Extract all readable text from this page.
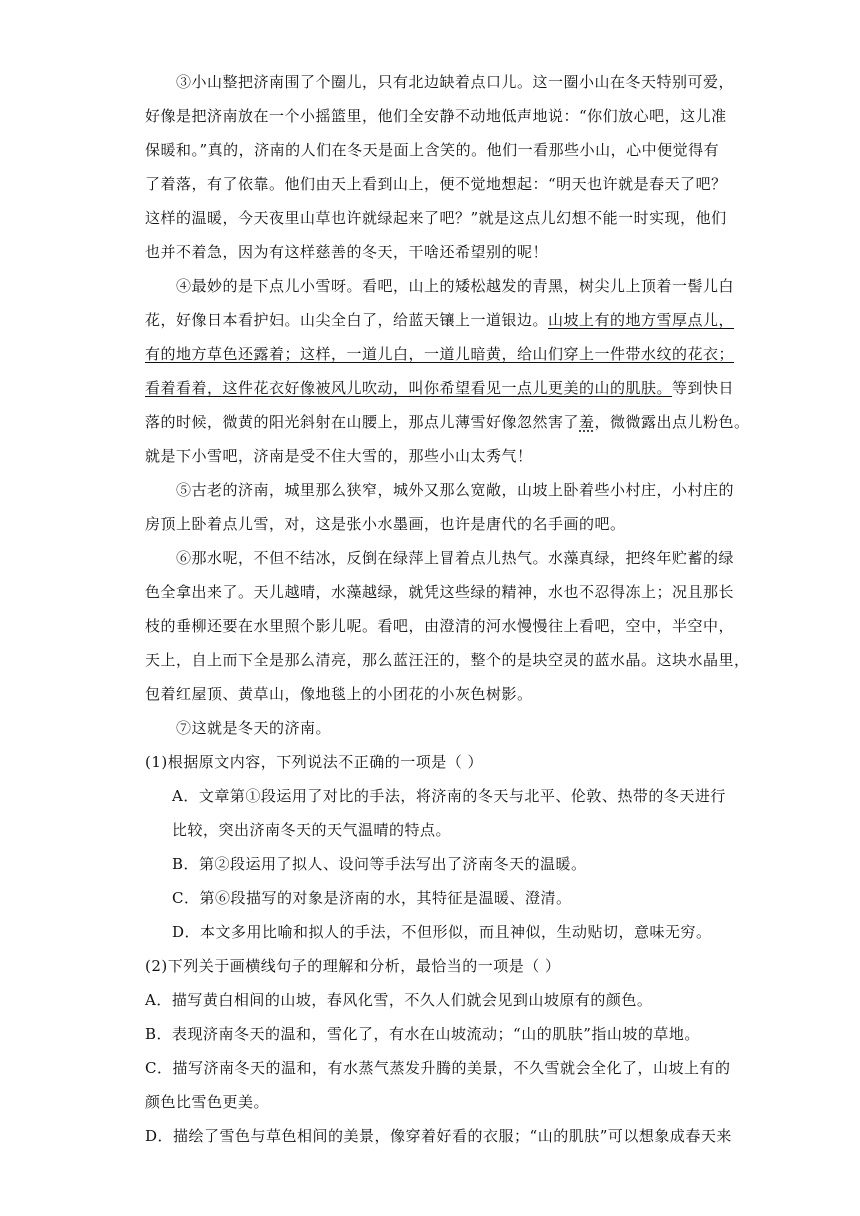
③小山整把济南围了个圈儿，只有北边缺着点口儿。这一圈小山在冬天特别可爱，
好像是把济南放在一个小摇篮里，他们全安静不动地低声地说：“你们放心吧，这儿准
保暖和。”真的，济南的人们在冬天是面上含笑的。他们一看那些小山，心中便觉得有
了着落，有了依靠。他们由天上看到山上，便不觉地想起：“明天也许就是春天了吧？
这样的温暖，今天夜里山草也许就绿起来了吧？”就是这点儿幻想不能一时实现，他们
也并不着急，因为有这样慈善的冬天，干啥还希望别的呢！
④最妙的是下点儿小雪呀。看吧，山上的矮松越发的青黑，树尖儿上顶着一髻儿白
花，好像日本看护妇。山尖全白了，给蓝天镶上一道银边。山坡上有的地方雪厚点儿，
有的地方草色还露着；这样，一道儿白，一道儿暗黄，给山们穿上一件带水纹的花衣；
看着看着，这件花衣好像被风儿吹动，叫你希望看见一点儿更美的山的肌肤。等到快日
落的时候，微黄的阳光斜射在山腰上，那点儿薄雪好像忽然害了羞，微微露出点儿粉色。
就是下小雪吧，济南是受不住大雪的，那些小山太秀气！
⑤古老的济南，城里那么狭窄，城外又那么宽敞，山坡上卧着些小村庄，小村庄的
房顶上卧着点儿雪，对，这是张小水墨画，也许是唐代的名手画的吧。
⑥那水呢，不但不结冰，反倒在绿萍上冒着点儿热气。水藻真绿，把终年贮蓄的绿
色全拿出来了。天儿越晴，水藻越绿，就凭这些绿的精神，水也不忍得冻上；况且那长
枝的垂柳还要在水里照个影儿呢。看吧，由澄清的河水慢慢往上看吧，空中，半空中，
天上，自上而下全是那么清亮，那么蓝汪汪的，整个的是块空灵的蓝水晶。这块水晶里，
包着红屋顶、黄草山，像地毯上的小团花的小灰色树影。
⑦这就是冬天的济南。
(1)根据原文内容，下列说法不正确的一项是（ ）
A．文章第①段运用了对比的手法，将济南的冬天与北平、伦敦、热带的冬天进行
比较，突出济南冬天的天气温晴的特点。
B．第②段运用了拟人、设问等手法写出了济南冬天的温暖。
C．第⑥段描写的对象是济南的水，其特征是温暖、澄清。
D．本文多用比喻和拟人的手法，不但形似，而且神似，生动贴切，意味无穷。
(2)下列关于画横线句子的理解和分析，最恰当的一项是（ ）
A．描写黄白相间的山坡，春风化雪，不久人们就会见到山坡原有的颜色。
B．表现济南冬天的温和，雪化了，有水在山坡流动；“山的肌肤”指山坡的草地。
C．描写济南冬天的温和，有水蒸气蒸发升腾的美景，不久雪就会全化了，山坡上有的
颜色比雪色更美。
D．描绘了雪色与草色相间的美景，像穿着好看的衣服；“山的肌肤”可以想象成春天来
